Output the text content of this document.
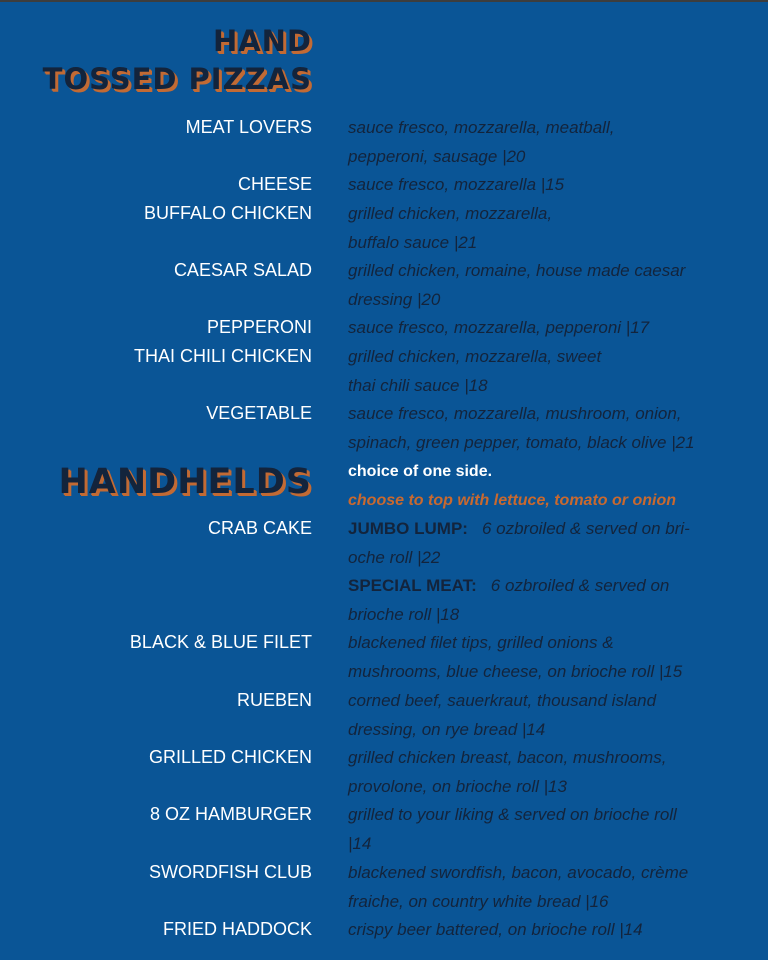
HAND
TOSSED PIZZAS
MEAT LOVERS sauce fresco, mozzarella, meatball,
pepperoni, sausage |20
CHEESE sauce fresco, mozzarella |15
BUFFALO CHICKEN grilled chicken, mozzarella,
buffalo sauce |21
CAESAR SALAD grilled chicken, romaine, house made caesar
dressing |20
PEPPERONI sauce fresco, mozzarella, pepperoni |17
THAI CHILI CHICKEN grilled chicken, mozzarella, sweet
thai chili sauce |18
VEGETABLE sauce fresco, mozzarella, mushroom, onion,
spinach, green pepper, tomato, black olive |21
HANDHELDS choice of one side.
choose to top with lettuce, tomato or onion
CRAB CAKE JUMBO LUMP: 6 ozbroiled & served on bri-
oche roll |22
SPECIAL MEAT: 6 ozbroiled & served on
brioche roll |18
BLACK & BLUE FILET blackened filet tips, grilled onions &
mushrooms, blue cheese, on brioche roll |15
RUEBEN corned beef, sauerkraut, thousand island
dressing, on rye bread |14
GRILLED CHICKEN grilled chicken breast, bacon, mushrooms,
provolone, on brioche roll |13
8 OZ HAMBURGER grilled to your liking & served on brioche roll
|14
SWORDFISH CLUB blackened swordfish, bacon, avocado, crème
fraiche, on country white bread |16
FRIED HADDOCK crispy beer battered, on brioche roll |14
